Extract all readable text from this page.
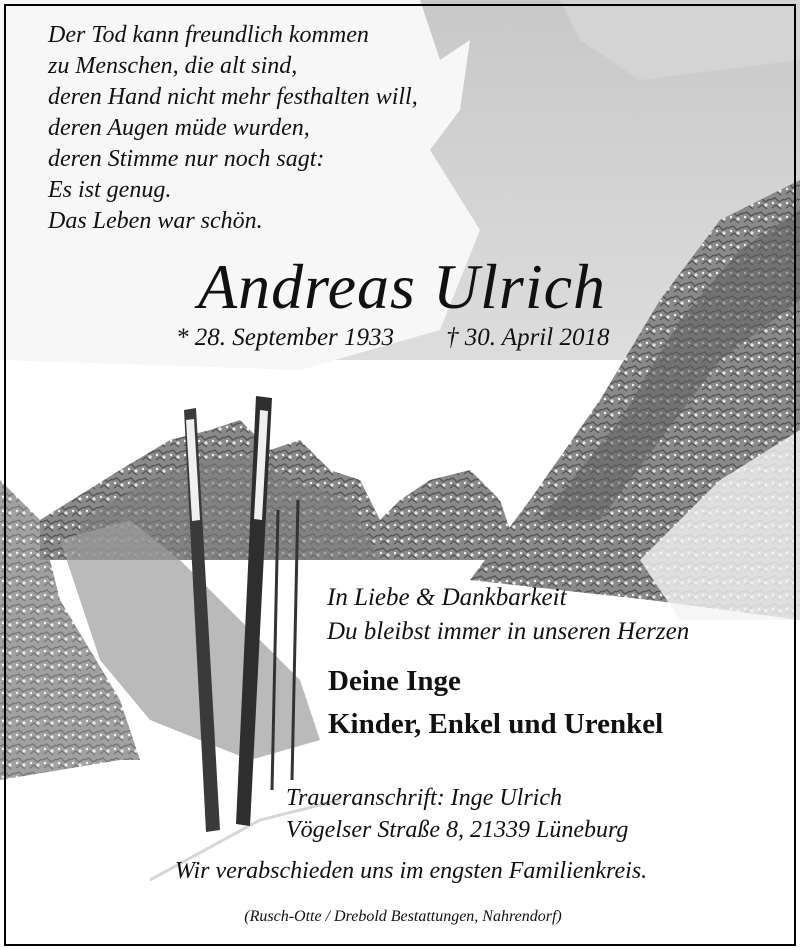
Der Tod kann freundlich kommen
zu Menschen, die alt sind,
deren Hand nicht mehr festhalten will,
deren Augen müde wurden,
deren Stimme nur noch sagt:
Es ist genug.
Das Leben war schön.
Andreas Ulrich
* 28. September 1933 † 30. April 2018
In Liebe & Dankbarkeit
Du bleibst immer in unseren Herzen
Deine Inge
Kinder, Enkel und Urenkel
Traueranschrift: Inge Ulrich
Vögelser Straße 8, 21339 Lüneburg
Wir verabschieden uns im engsten Familienkreis.
(Rusch-Otte / Drebold Bestattungen, Nahrendorf)
